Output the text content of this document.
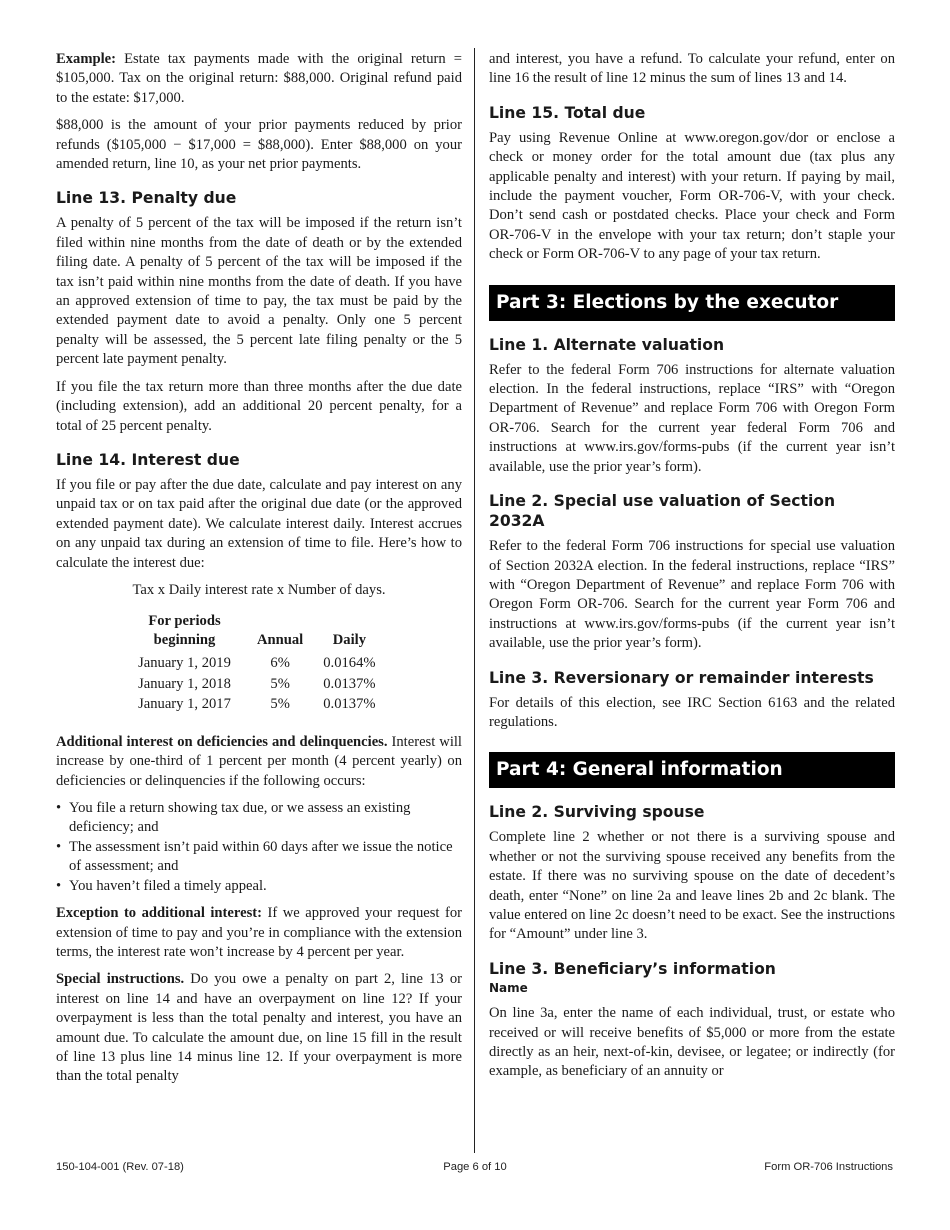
Example: Estate tax payments made with the original return = $105,000. Tax on the original return: $88,000. Original refund paid to the estate: $17,000.

$88,000 is the amount of your prior payments reduced by prior refunds ($105,000 − $17,000 = $88,000). Enter $88,000 on your amended return, line 10, as your net prior payments.

Line 13. Penalty due

A penalty of 5 percent of the tax will be imposed if the return isn’t filed within nine months from the date of death or by the extended filing date. A penalty of 5 percent of the tax will be imposed if the tax isn’t paid within nine months from the date of death. If you have an approved extension of time to pay, the tax must be paid by the extended payment date to avoid a penalty. Only one 5 percent penalty will be assessed, the 5 percent late filing penalty or the 5 percent late payment penalty.

If you file the tax return more than three months after the due date (including extension), add an additional 20 percent penalty, for a total of 25 percent penalty.

Line 14. Interest due

If you file or pay after the due date, calculate and pay interest on any unpaid tax or on tax paid after the original due date (or the approved extended payment date). We calculate interest daily. Interest accrues on any unpaid tax during an extension of time to file. Here’s how to calculate the interest due:

Tax x Daily interest rate x Number of days.
For periods beginning	Annual	Daily
January 1, 2019	6%	0.0164%
January 1, 2018	5%	0.0137%
January 1, 2017	5%	0.0137%

Additional interest on deficiencies and delinquencies. Interest will increase by one-third of 1 percent per month (4 percent yearly) on deficiencies or delinquencies if the following occurs:

• You file a return showing tax due, or we assess an existing deficiency; and
• The assessment isn’t paid within 60 days after we issue the notice of assessment; and
• You haven’t filed a timely appeal.

Exception to additional interest: If we approved your request for extension of time to pay and you’re in compliance with the extension terms, the interest rate won’t increase by 4 percent per year.

Special instructions. Do you owe a penalty on part 2, line 13 or interest on line 14 and have an overpayment on line 12? If your overpayment is less than the total penalty and interest, you have an amount due. To calculate the amount due, on line 15 fill in the result of line 13 plus line 14 minus line 12. If your overpayment is more than the total penalty

and interest, you have a refund. To calculate your refund, enter on line 16 the result of line 12 minus the sum of lines 13 and 14.

Line 15. Total due

Pay using Revenue Online at www.oregon.gov/dor or enclose a check or money order for the total amount due (tax plus any applicable penalty and interest) with your return. If paying by mail, include the payment voucher, Form OR-706-V, with your check. Don’t send cash or postdated checks. Place your check and Form OR-706-V in the envelope with your tax return; don’t staple your check or Form OR-706-V to any page of your tax return.

Part 3: Elections by the executor
Line 1. Alternate valuation

Refer to the federal Form 706 instructions for alternate valuation election. In the federal instructions, replace “IRS” with “Oregon Department of Revenue” and replace Form 706 with Oregon Form OR-706. Search for the current year federal Form 706 and instructions at www.irs.gov/forms-pubs (if the current year isn’t available, use the prior year’s form).

Line 2. Special use valuation of Section 2032A

Refer to the federal Form 706 instructions for special use valuation of Section 2032A election. In the federal instructions, replace “IRS” with “Oregon Department of Revenue” and replace Form 706 with Oregon Form OR-706. Search for the current year Form 706 and instructions at www.irs.gov/forms-pubs (if the current year isn’t available, use the prior year’s form).

Line 3. Reversionary or remainder interests

For details of this election, see IRC Section 6163 and the related regulations.

Part 4: General information
Line 2. Surviving spouse

Complete line 2 whether or not there is a surviving spouse and whether or not the surviving spouse received any benefits from the estate. If there was no surviving spouse on the date of decedent’s death, enter “None” on line 2a and leave lines 2b and 2c blank. The value entered on line 2c doesn’t need to be exact. See the instructions for “Amount” under line 3.

Line 3. Beneficiary’s information
Name

On line 3a, enter the name of each individual, trust, or estate who received or will receive benefits of $5,000 or more from the estate directly as an heir, next-of-kin, devisee, or legatee; or indirectly (for example, as beneficiary of an annuity or

150-104-001 (Rev. 07-18)	Page 6 of 10	Form OR-706 Instructions
